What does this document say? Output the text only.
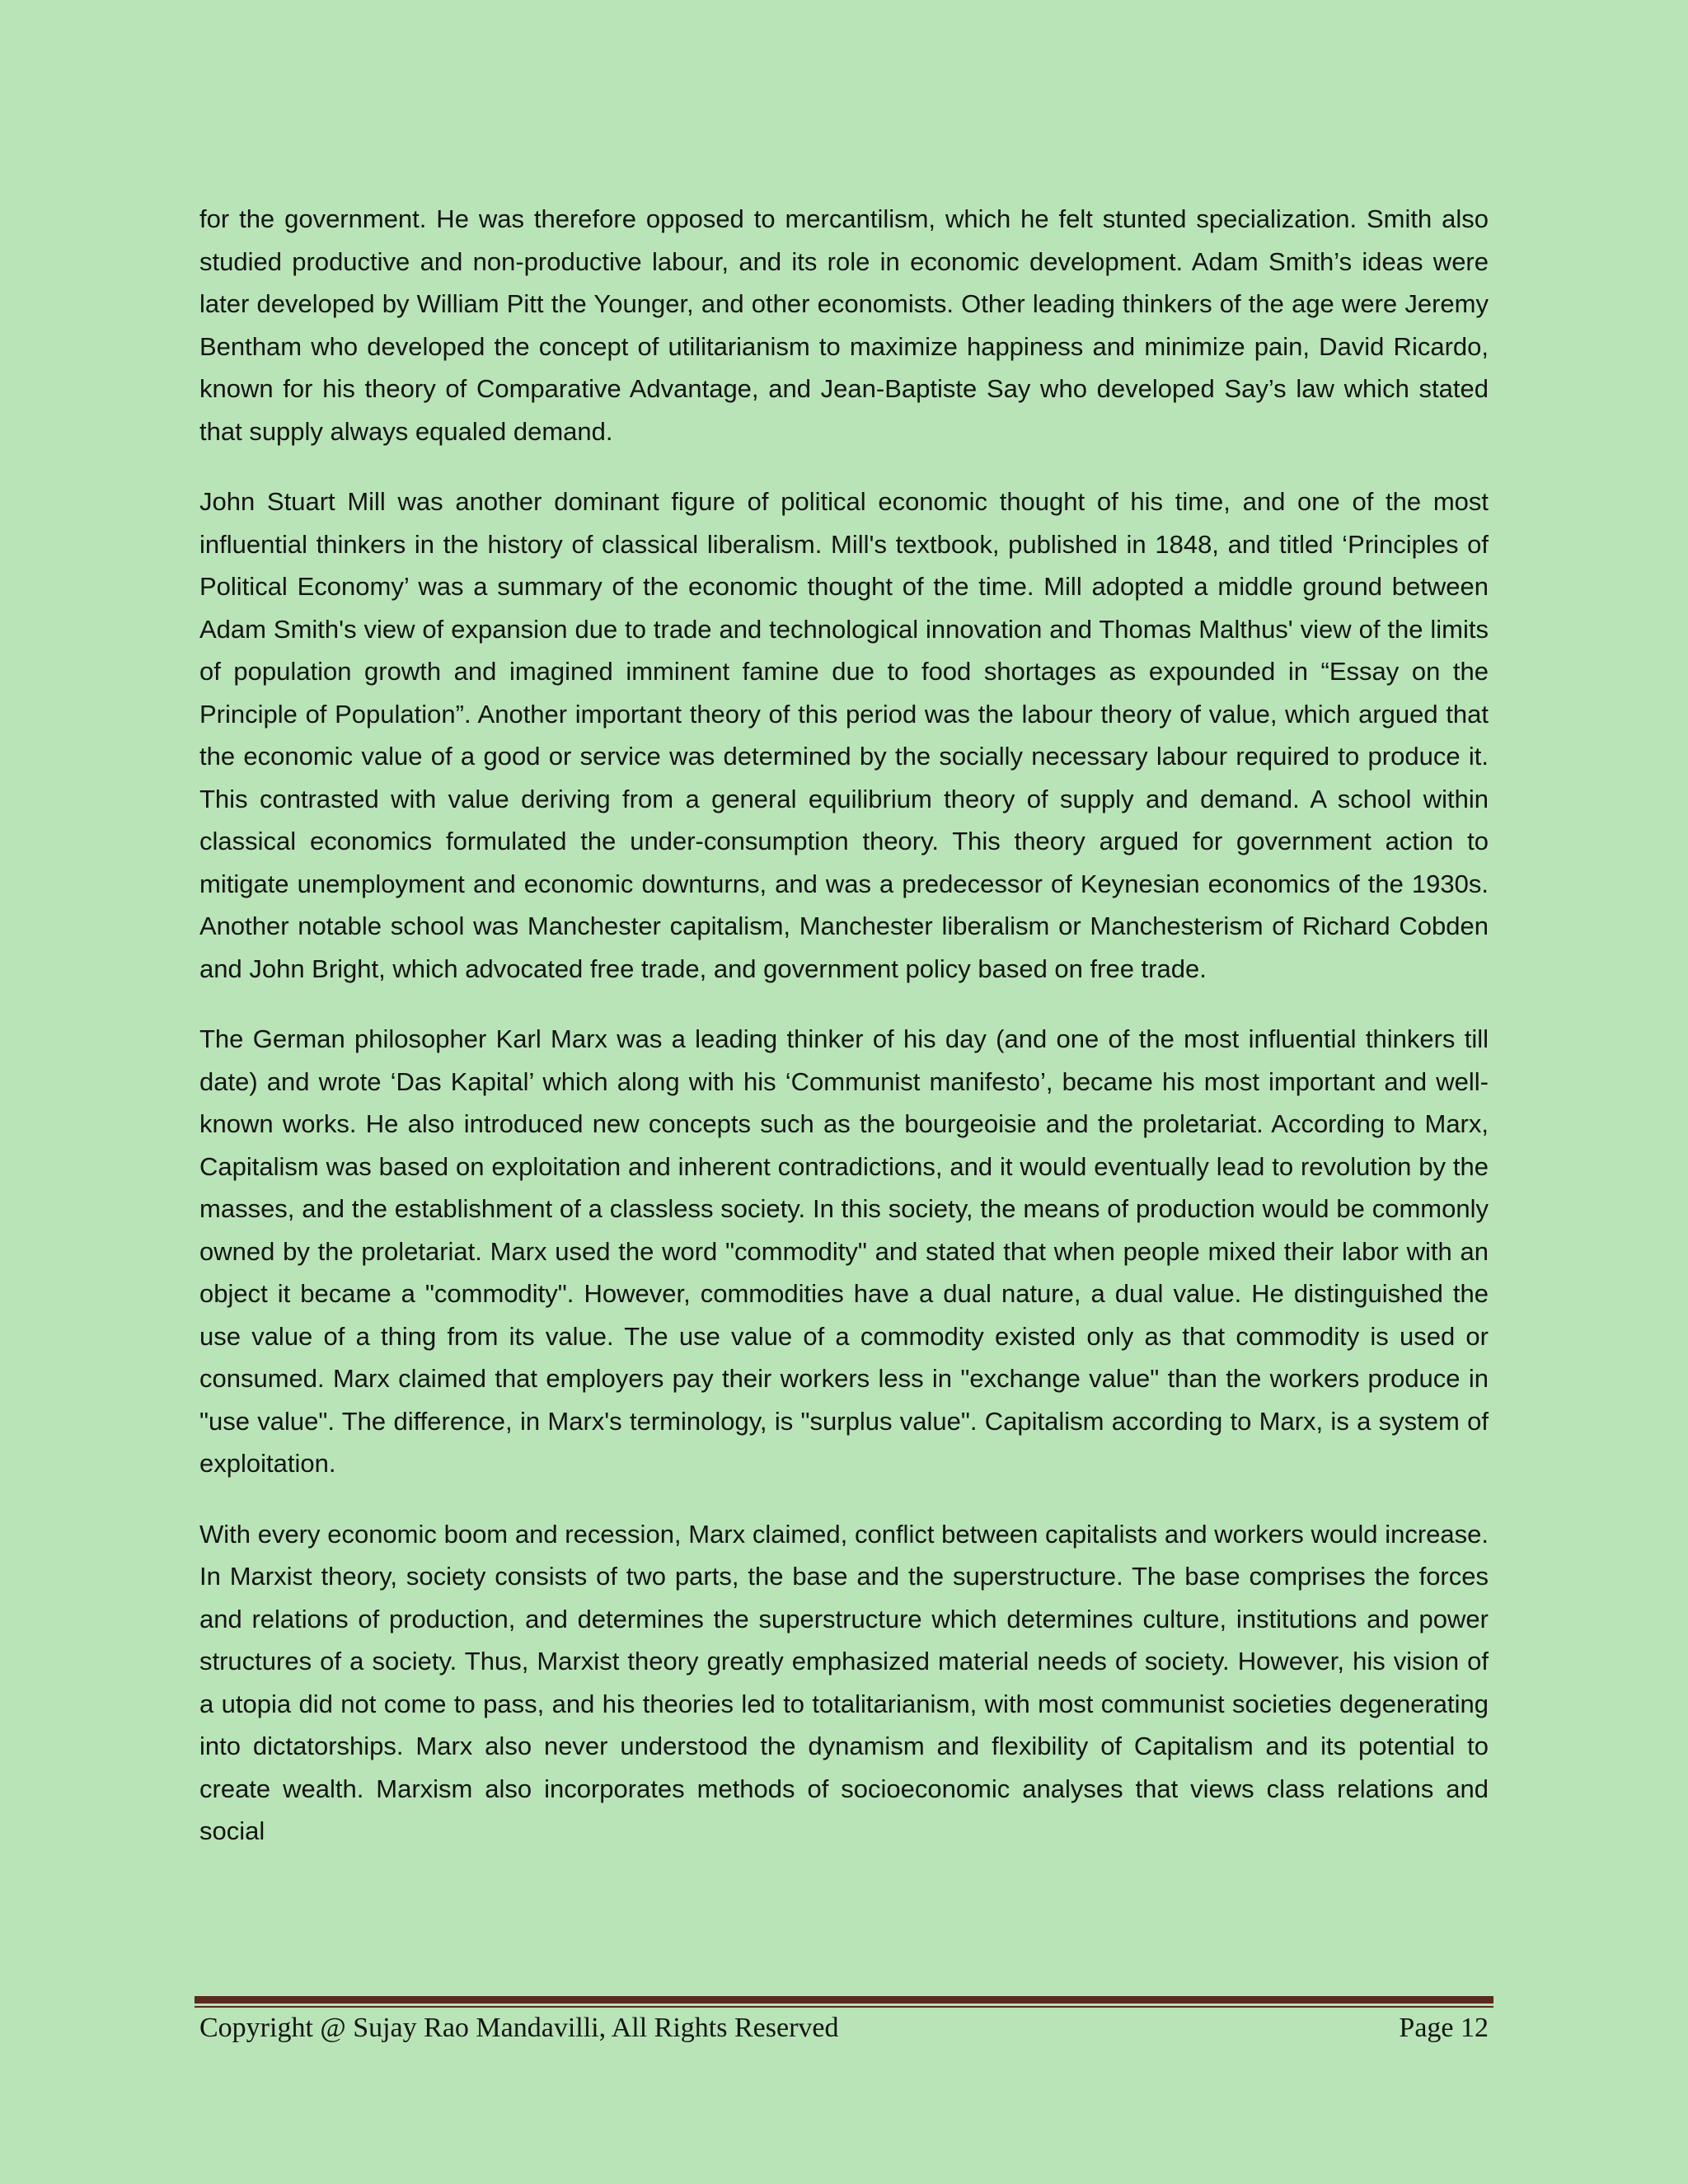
for the government. He was therefore opposed to mercantilism, which he felt stunted specialization. Smith also studied productive and non-productive labour, and its role in economic development. Adam Smith’s ideas were later developed by William Pitt the Younger, and other economists. Other leading thinkers of the age were Jeremy Bentham who developed the concept of utilitarianism to maximize happiness and minimize pain, David Ricardo, known for his theory of Comparative Advantage, and Jean-Baptiste Say who developed Say’s law which stated that supply always equaled demand.

John Stuart Mill was another dominant figure of political economic thought of his time, and one of the most influential thinkers in the history of classical liberalism. Mill's textbook, published in 1848, and titled ‘Principles of Political Economy’ was a summary of the economic thought of the time. Mill adopted a middle ground between Adam Smith's view of expansion due to trade and technological innovation and Thomas Malthus' view of the limits of population growth and imagined imminent famine due to food shortages as expounded in “Essay on the Principle of Population”. Another important theory of this period was the labour theory of value, which argued that the economic value of a good or service was determined by the socially necessary labour required to produce it. This contrasted with value deriving from a general equilibrium theory of supply and demand. A school within classical economics formulated the under-consumption theory. This theory argued for government action to mitigate unemployment and economic downturns, and was a predecessor of Keynesian economics of the 1930s. Another notable school was Manchester capitalism, Manchester liberalism or Manchesterism of Richard Cobden and John Bright, which advocated free trade, and government policy based on free trade.

The German philosopher Karl Marx was a leading thinker of his day (and one of the most influential thinkers till date) and wrote ‘Das Kapital’ which along with his ‘Communist manifesto’, became his most important and well-known works. He also introduced new concepts such as the bourgeoisie and the proletariat. According to Marx, Capitalism was based on exploitation and inherent contradictions, and it would eventually lead to revolution by the masses, and the establishment of a classless society. In this society, the means of production would be commonly owned by the proletariat. Marx used the word "commodity" and stated that when people mixed their labor with an object it became a "commodity". However, commodities have a dual nature, a dual value. He distinguished the use value of a thing from its value. The use value of a commodity existed only as that commodity is used or consumed. Marx claimed that employers pay their workers less in "exchange value" than the workers produce in "use value". The difference, in Marx's terminology, is "surplus value". Capitalism according to Marx, is a system of exploitation.

With every economic boom and recession, Marx claimed, conflict between capitalists and workers would increase. In Marxist theory, society consists of two parts, the base and the superstructure. The base comprises the forces and relations of production, and determines the superstructure which determines culture, institutions and power structures of a society. Thus, Marxist theory greatly emphasized material needs of society. However, his vision of a utopia did not come to pass, and his theories led to totalitarianism, with most communist societies degenerating into dictatorships. Marx also never understood the dynamism and flexibility of Capitalism and its potential to create wealth. Marxism also incorporates methods of socioeconomic analyses that views class relations and social

Copyright @ Sujay Rao Mandavilli, All Rights Reserved	Page 12
